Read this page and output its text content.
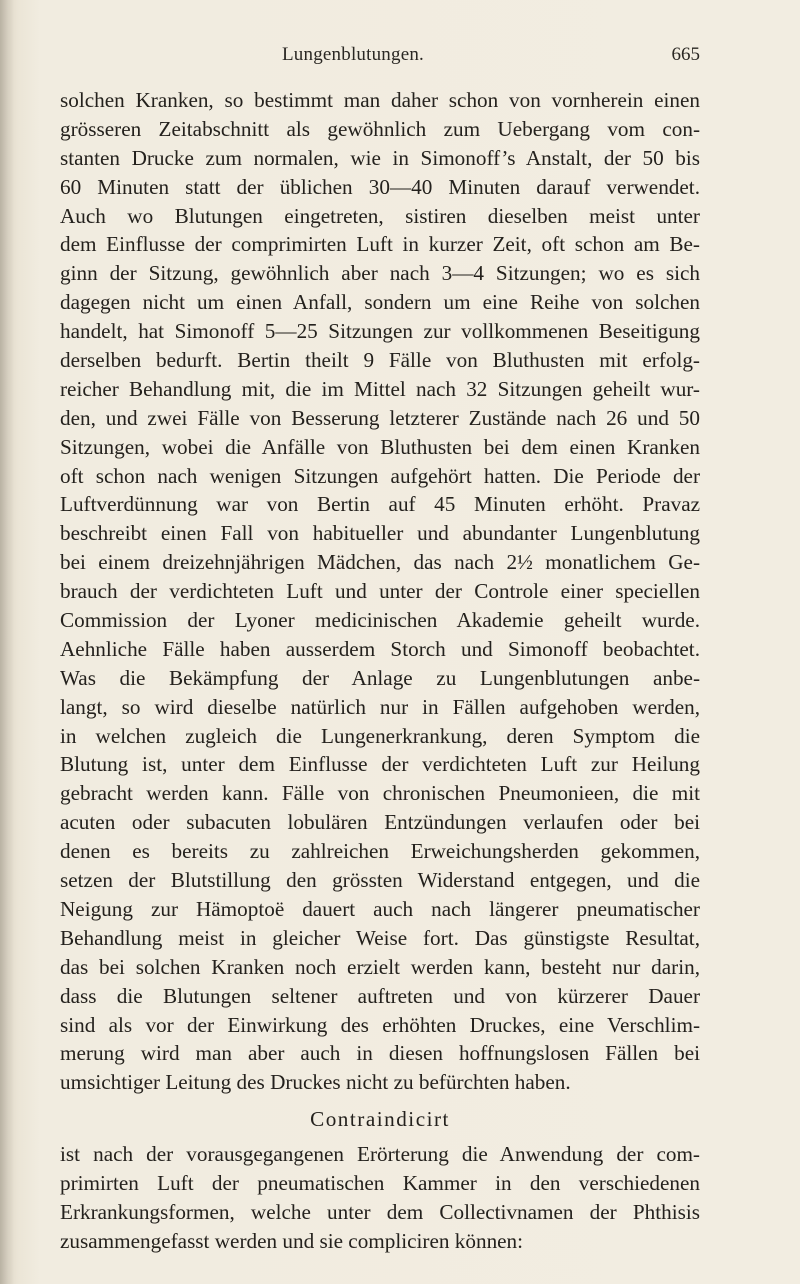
Lungenblutungen.	665
solchen Kranken, so bestimmt man daher schon von vornherein einen
grösseren Zeitabschnitt als gewöhnlich zum Uebergang vom con-
stanten Drucke zum normalen, wie in Simonoff’s Anstalt, der 50 bis
60 Minuten statt der üblichen 30—40 Minuten darauf verwendet.
Auch wo Blutungen eingetreten, sistiren dieselben meist unter
dem Einflusse der comprimirten Luft in kurzer Zeit, oft schon am Be-
ginn der Sitzung, gewöhnlich aber nach 3—4 Sitzungen; wo es sich
dagegen nicht um einen Anfall, sondern um eine Reihe von solchen
handelt, hat Simonoff 5—25 Sitzungen zur vollkommenen Beseitigung
derselben bedurft. Bertin theilt 9 Fälle von Bluthusten mit erfolg-
reicher Behandlung mit, die im Mittel nach 32 Sitzungen geheilt wur-
den, und zwei Fälle von Besserung letzterer Zustände nach 26 und 50
Sitzungen, wobei die Anfälle von Bluthusten bei dem einen Kranken
oft schon nach wenigen Sitzungen aufgehört hatten. Die Periode der
Luftverdünnung war von Bertin auf 45 Minuten erhöht. Pravaz
beschreibt einen Fall von habitueller und abundanter Lungenblutung
bei einem dreizehnjährigen Mädchen, das nach 2½ monatlichem Ge-
brauch der verdichteten Luft und unter der Controle einer speciellen
Commission der Lyoner medicinischen Akademie geheilt wurde.
Aehnliche Fälle haben ausserdem Storch und Simonoff beobachtet.
Was die Bekämpfung der Anlage zu Lungenblutungen anbe-
langt, so wird dieselbe natürlich nur in Fällen aufgehoben werden,
in welchen zugleich die Lungenerkrankung, deren Symptom die
Blutung ist, unter dem Einflusse der verdichteten Luft zur Heilung
gebracht werden kann. Fälle von chronischen Pneumonieen, die mit
acuten oder subacuten lobulären Entzündungen verlaufen oder bei
denen es bereits zu zahlreichen Erweichungsherden gekommen,
setzen der Blutstillung den grössten Widerstand entgegen, und die
Neigung zur Hämoptoë dauert auch nach längerer pneumatischer
Behandlung meist in gleicher Weise fort. Das günstigste Resultat,
das bei solchen Kranken noch erzielt werden kann, besteht nur darin,
dass die Blutungen seltener auftreten und von kürzerer Dauer
sind als vor der Einwirkung des erhöhten Druckes, eine Verschlim-
merung wird man aber auch in diesen hoffnungslosen Fällen bei
umsichtiger Leitung des Druckes nicht zu befürchten haben.
Contraindicirt
ist nach der vorausgegangenen Erörterung die Anwendung der com-
primirten Luft der pneumatischen Kammer in den verschiedenen
Erkrankungsformen, welche unter dem Collectivnamen der Phthisis
zusammengefasst werden und sie compliciren können:
